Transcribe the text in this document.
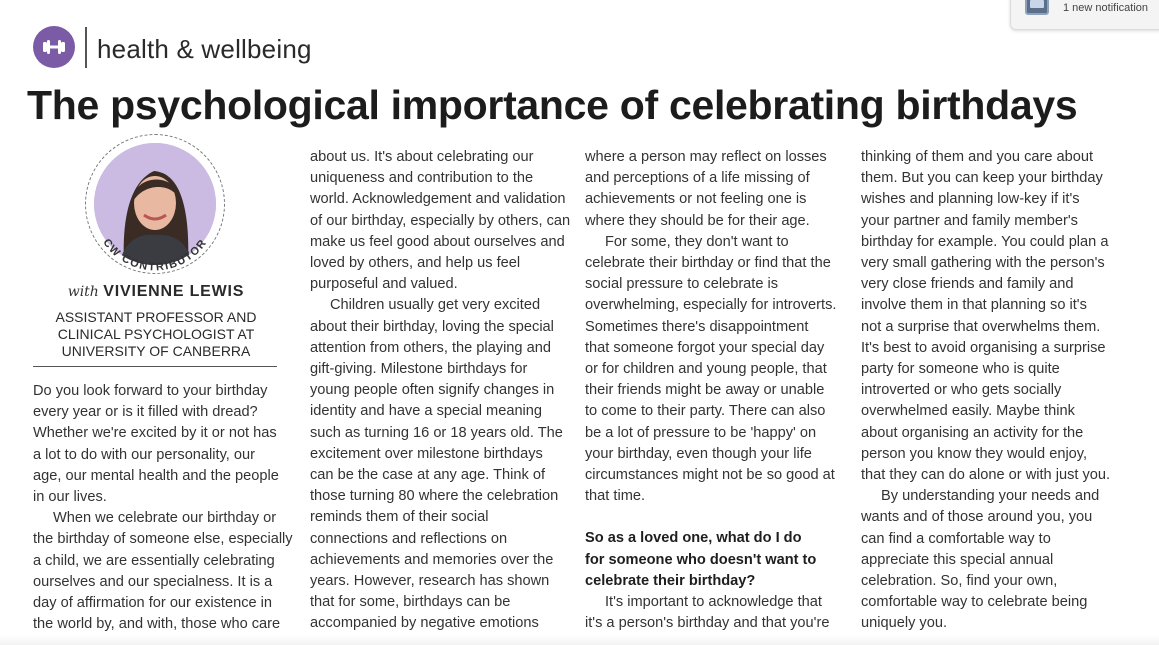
1 new notification
health & wellbeing
The psychological importance of celebrating birthdays
CW CONTRIBUTOR
with VIVIENNE LEWIS
ASSISTANT PROFESSOR AND
CLINICAL PSYCHOLOGIST AT
UNIVERSITY OF CANBERRA
Do you look forward to your birthday
every year or is it filled with dread?
Whether we're excited by it or not has
a lot to do with our personality, our
age, our mental health and the people
in our lives.
When we celebrate our birthday or
the birthday of someone else, especially
a child, we are essentially celebrating
ourselves and our specialness. It is a
day of affirmation for our existence in
the world by, and with, those who care
about us. It's about celebrating our
uniqueness and contribution to the
world. Acknowledgement and validation
of our birthday, especially by others, can
make us feel good about ourselves and
loved by others, and help us feel
purposeful and valued.
Children usually get very excited
about their birthday, loving the special
attention from others, the playing and
gift-giving. Milestone birthdays for
young people often signify changes in
identity and have a special meaning
such as turning 16 or 18 years old. The
excitement over milestone birthdays
can be the case at any age. Think of
those turning 80 where the celebration
reminds them of their social
connections and reflections on
achievements and memories over the
years. However, research has shown
that for some, birthdays can be
accompanied by negative emotions
where a person may reflect on losses
and perceptions of a life missing of
achievements or not feeling one is
where they should be for their age.
For some, they don't want to
celebrate their birthday or find that the
social pressure to celebrate is
overwhelming, especially for introverts.
Sometimes there's disappointment
that someone forgot your special day
or for children and young people, that
their friends might be away or unable
to come to their party. There can also
be a lot of pressure to be 'happy' on
your birthday, even though your life
circumstances might not be so good at
that time.
So as a loved one, what do I do
for someone who doesn't want to
celebrate their birthday?
It's important to acknowledge that
it's a person's birthday and that you're
thinking of them and you care about
them. But you can keep your birthday
wishes and planning low-key if it's
your partner and family member's
birthday for example. You could plan a
very small gathering with the person's
very close friends and family and
involve them in that planning so it's
not a surprise that overwhelms them.
It's best to avoid organising a surprise
party for someone who is quite
introverted or who gets socially
overwhelmed easily. Maybe think
about organising an activity for the
person you know they would enjoy,
that they can do alone or with just you.
By understanding your needs and
wants and of those around you, you
can find a comfortable way to
appreciate this special annual
celebration. So, find your own,
comfortable way to celebrate being
uniquely you.
